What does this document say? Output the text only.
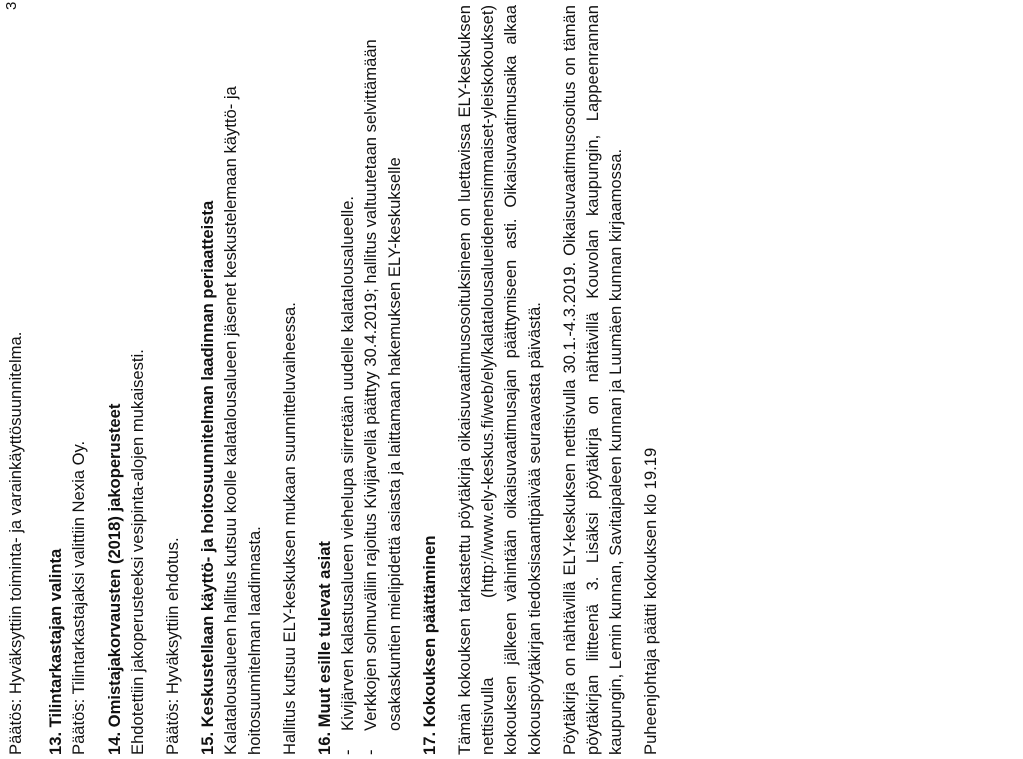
3

Päätös: Hyväksyttiin toiminta- ja varainkäyttösuunnitelma. 13. Tilintarkastajan valinta Päätös: Tilintarkastajaksi valittiin Nexia Oy. 14. Omistajakorvausten (2018) jakoperusteet Ehdotettiin jakoperusteeksi vesipinta-alojen mukaisesti. Päätös: Hyväksyttiin ehdotus. 15. Keskustellaan käyttö- ja hoitosuunnitelman laadinnan periaatteista Kalatalousalueen hallitus kutsuu koolle kalatalousalueen jäsenet keskustelemaan käyttö- ja hoitosuunnitelman laadinnasta. Hallitus kutsuu ELY-keskuksen mukaan suunnitteluvaiheessa. 16. Muut esille tulevat asiat -
Kivijärven kalastusalueen viehelupa siirretään uudelle kalatalousalueelle.
-
Verkkojen solmuväliin rajoitus Kivijärvellä päättyy 30.4.2019; hallitus valtuutetaan selvittämään osakaskuntien mielipidettä asiasta ja laittamaan hakemuksen ELY-keskukselle 17. Kokouksen päättäminen Tämän kokouksen tarkastettu pöytäkirja oikaisuvaatimusosoituksineen on luettavissa ELY-keskuksen nettisivulla (http://www.ely-keskus.fi/web/ely/kalatalousalueidenensimmaiset-yleiskokoukset) kokouksen jälkeen vähintään oikaisuvaatimusajan päättymiseen asti. Oikaisuvaatimusaika alkaa kokouspöytäkirjan tiedoksisaantipäivää seuraavasta päivästä. Pöytäkirja on nähtävillä ELY-keskuksen nettisivulla 30.1.-4.3.2019. Oikaisuvaatimusosoitus on tämän pöytäkirjan liitteenä 3. Lisäksi pöytäkirja on nähtävillä Kouvolan kaupungin, Lappeenrannan kaupungin, Lemin kunnan, Savitaipaleen kunnan ja Luumäen kunnan kirjaamossa. Puheenjohtaja päätti kokouksen klo 19.19
